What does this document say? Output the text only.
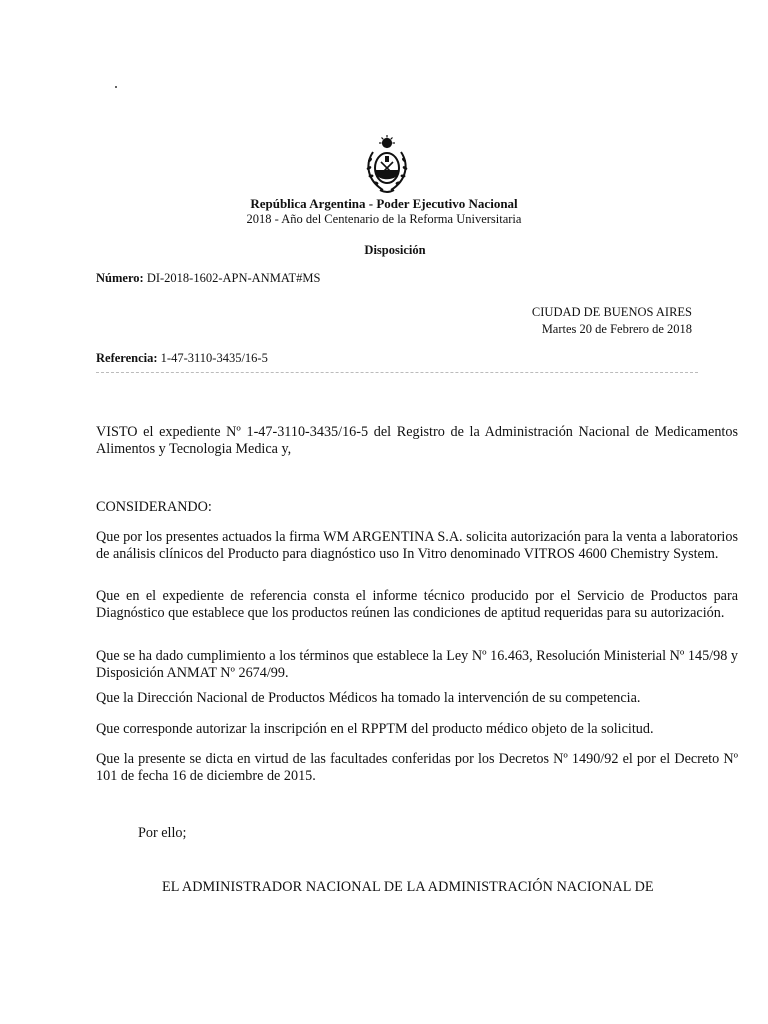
República Argentina - Poder Ejecutivo Nacional
2018 - Año del Centenario de la Reforma Universitaria
Disposición
Número: DI-2018-1602-APN-ANMAT#MS
CIUDAD DE BUENOS AIRES
Martes 20 de Febrero de 2018
Referencia: 1-47-3110-3435/16-5
VISTO el expediente Nº 1-47-3110-3435/16-5 del Registro de la Administración Nacional de Medicamentos Alimentos y Tecnologia Medica y,
CONSIDERANDO:
Que por los presentes actuados la firma WM ARGENTINA S.A. solicita autorización para la venta a laboratorios de análisis clínicos del Producto para diagnóstico uso In Vitro denominado VITROS 4600 Chemistry System.
Que en el expediente de referencia consta el informe técnico producido por el Servicio de Productos para Diagnóstico que establece que los productos reúnen las condiciones de aptitud requeridas para su autorización.
Que se ha dado cumplimiento a los términos que establece la Ley Nº 16.463, Resolución Ministerial Nº 145/98 y Disposición ANMAT Nº 2674/99.
Que la Dirección Nacional de Productos Médicos ha tomado la intervención de su competencia.
Que corresponde autorizar la inscripción en el RPPTM del producto médico objeto de la solicitud.
Que la presente se dicta en virtud de las facultades conferidas por los Decretos Nº 1490/92 el por el Decreto Nº 101 de fecha 16 de diciembre de 2015.
Por ello;
EL ADMINISTRADOR NACIONAL DE LA ADMINISTRACIÓN NACIONAL DE
